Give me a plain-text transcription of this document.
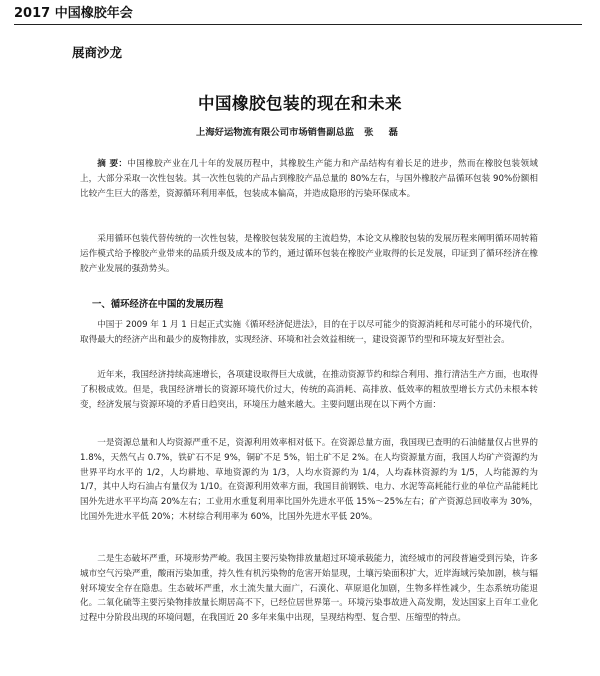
2017 中国橡胶年会
展商沙龙
中国橡胶包装的现在和未来
上海好运物流有限公司市场销售副总监 张 磊

摘 要：中国橡胶产业在几十年的发展历程中，其橡胶生产能力和产品结构有着长足的进步，然而在橡胶包装领域上，大部分采取一次性包装。其一次性包装的产品占到橡胶产品总量的 80%左右，与国外橡胶产品循环包装 90%份额相比较产生巨大的落差，资源循环利用率低，包装成本偏高，并造成隐形的污染环保成本。

采用循环包装代替传统的一次性包装，是橡胶包装发展的主流趋势，本论文从橡胶包装的发展历程来阐明循环周转箱运作模式给予橡胶产业带来的品质升级及成本的节约，通过循环包装在橡胶产业取得的长足发展，印证到了循环经济在橡胶产业发展的强劲势头。

一、循环经济在中国的发展历程

中国于 2009 年 1 月 1 日起正式实施《循环经济促进法》，目的在于以尽可能少的资源消耗和尽可能小的环境代价，取得最大的经济产出和最少的废物排放，实现经济、环境和社会效益相统一，建设资源节约型和环境友好型社会。

近年来，我国经济持续高速增长，各项建设取得巨大成就，在推动资源节约和综合利用、推行清洁生产方面，也取得了积极成效。但是，我国经济增长的资源环境代价过大，传统的高消耗、高排放、低效率的粗放型增长方式仍未根本转变，经济发展与资源环境的矛盾日趋突出，环境压力越来越大。主要问题出现在以下两个方面：

一是资源总量和人均资源严重不足，资源利用效率相对低下。在资源总量方面，我国现已查明的石油储量仅占世界的 1.8%，天然气占 0.7%，铁矿石不足 9%，铜矿不足 5%，铝土矿不足 2%。在人均资源量方面，我国人均矿产资源约为世界平均水平的 1/2，人均耕地、草地资源约为 1/3，人均水资源约为 1/4，人均森林资源约为 1/5，人均能源约为 1/7，其中人均石油占有量仅为 1/10。在资源利用效率方面，我国目前钢铁、电力、水泥等高耗能行业的单位产品能耗比国外先进水平平均高 20%左右；工业用水重复利用率比国外先进水平低 15%～25%左右；矿产资源总回收率为 30%，比国外先进水平低 20%；木材综合利用率为 60%，比国外先进水平低 20%。

二是生态破坏严重，环境形势严峻。我国主要污染物排放量超过环境承载能力，流经城市的河段普遍受到污染，许多城市空气污染严重，酸雨污染加重，持久性有机污染物的危害开始显现，土壤污染面积扩大，近岸海域污染加剧，核与辐射环境安全存在隐患。生态破坏严重，水土流失量大面广，石漠化、草原退化加剧，生物多样性减少，生态系统功能退化。二氧化硫等主要污染物排放量长期居高不下，已经位居世界第一。环境污染事故进入高发期，发达国家上百年工业化过程中分阶段出现的环境问题，在我国近 20 多年来集中出现，呈现结构型、复合型、压缩型的特点。
